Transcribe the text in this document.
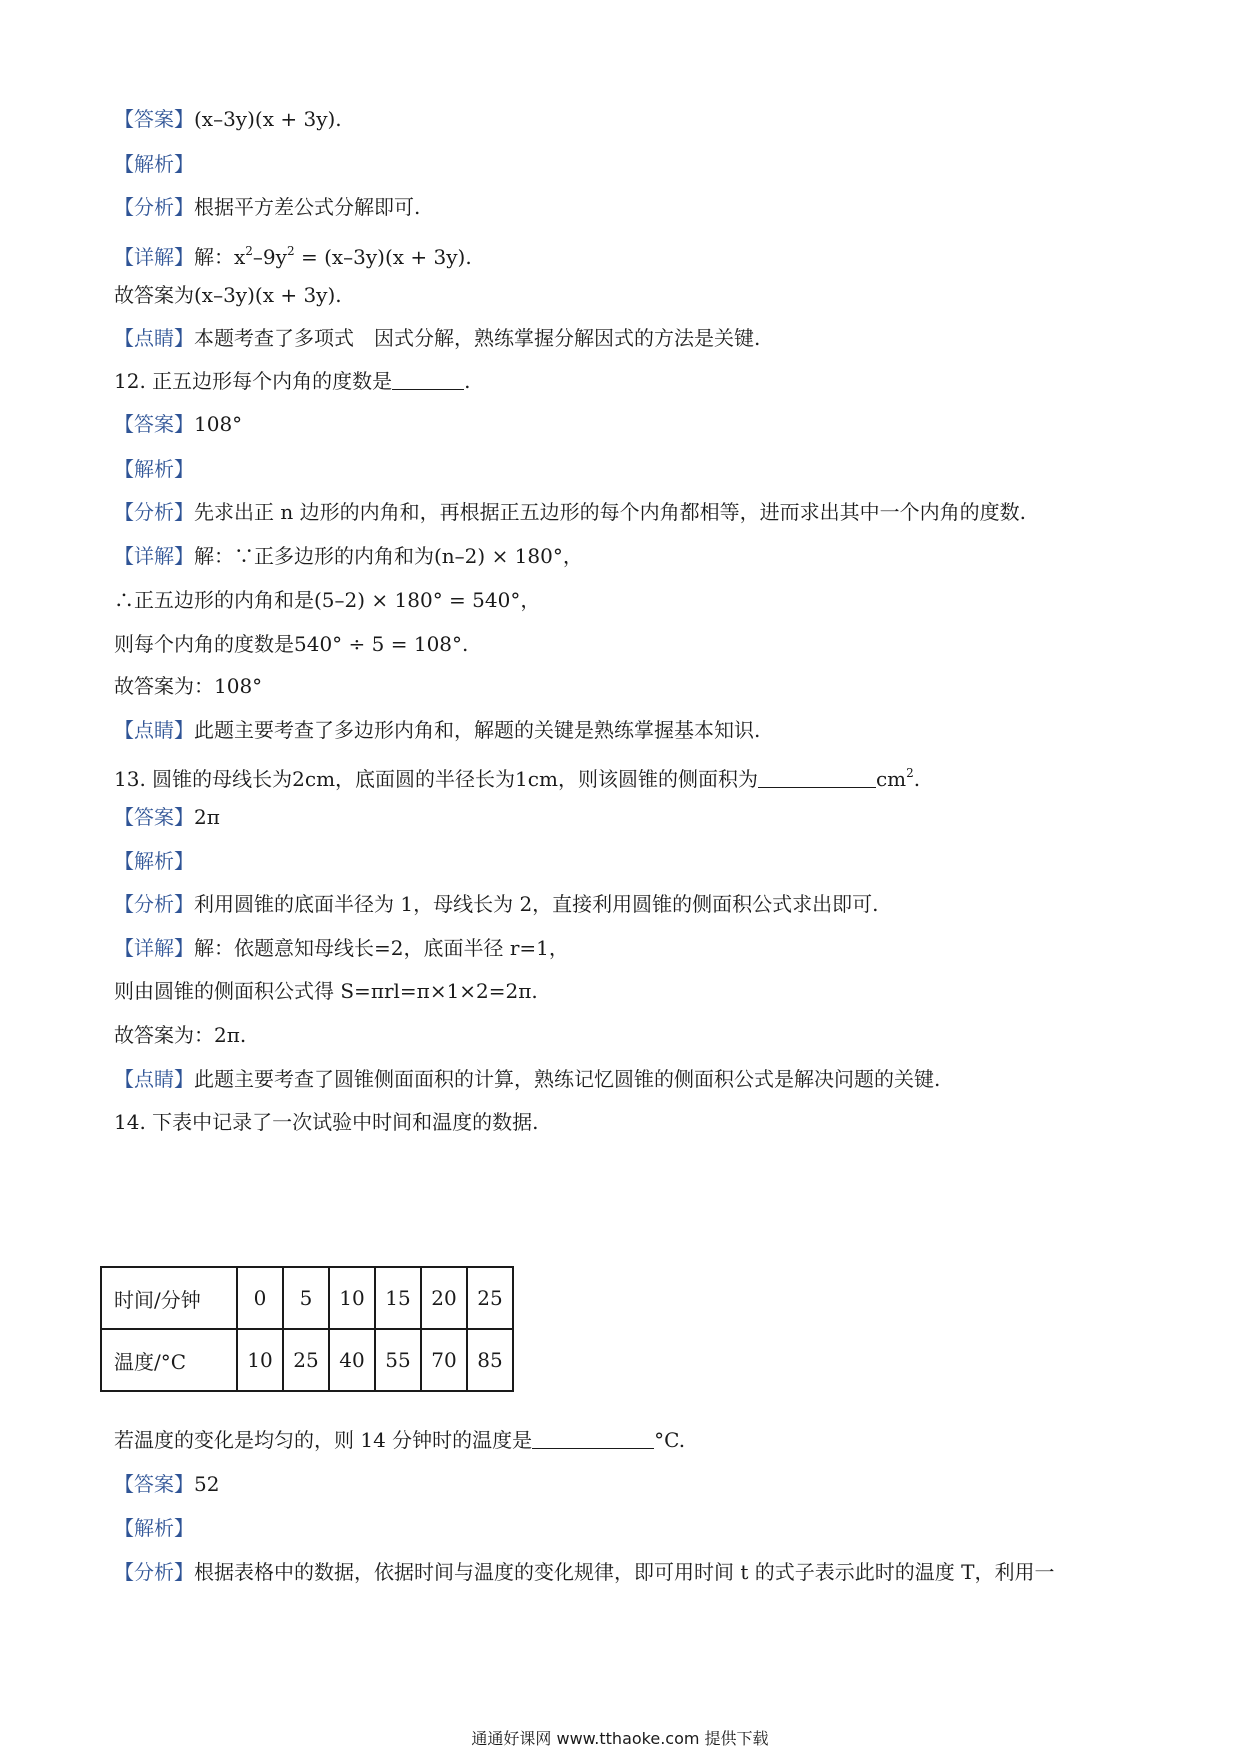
【答案】(x–3y)(x + 3y).
【解析】
【分析】根据平方差公式分解即可.
【详解】解：$x^2-9y^2 = (x-3y)(x + 3y)$.
故答案为(x–3y)(x + 3y).
【点睛】本题考查了多项式　因式分解，熟练掌握分解因式的方法是关键.
12. 正五边形每个内角的度数是	.
【答案】108°
【解析】
【分析】先求出正 n 边形的内角和，再根据正五边形的每个内角都相等，进而求出其中一个内角的度数.
【详解】解：∵正多边形的内角和为(n–2) × 180°，
∴正五边形的内角和是(5–2) × 180° = 540°，
则每个内角的度数是540° ÷ 5 = 108°.
故答案为：108°
【点睛】此题主要考查了多边形内角和，解题的关键是熟练掌握基本知识.
13. 圆锥的母线长为2cm，底面圆的半径长为1cm，则该圆锥的侧面积为	$cm^2$.
【答案】2π
【解析】
【分析】利用圆锥的底面半径为 1，母线长为 2，直接利用圆锥的侧面积公式求出即可.
【详解】解：依题意知母线长=2，底面半径 r=1，
则由圆锥的侧面积公式得 S=πrl=π×1×2=2π.
故答案为：2π.
【点睛】此题主要考查了圆锥侧面面积的计算，熟练记忆圆锥的侧面积公式是解决问题的关键.
14. 下表中记录了一次试验中时间和温度的数据.
时间/分钟	0	5	10	15	20	25
温度/°C	10	25	40	55	70	85
若温度的变化是均匀的，则 14 分钟时的温度是	°C.
【答案】52
【解析】
【分析】根据表格中的数据，依据时间与温度的变化规律，即可用时间 t 的式子表示此时的温度 T，利用一
通通好课网 www.tthaoke.com 提供下载
